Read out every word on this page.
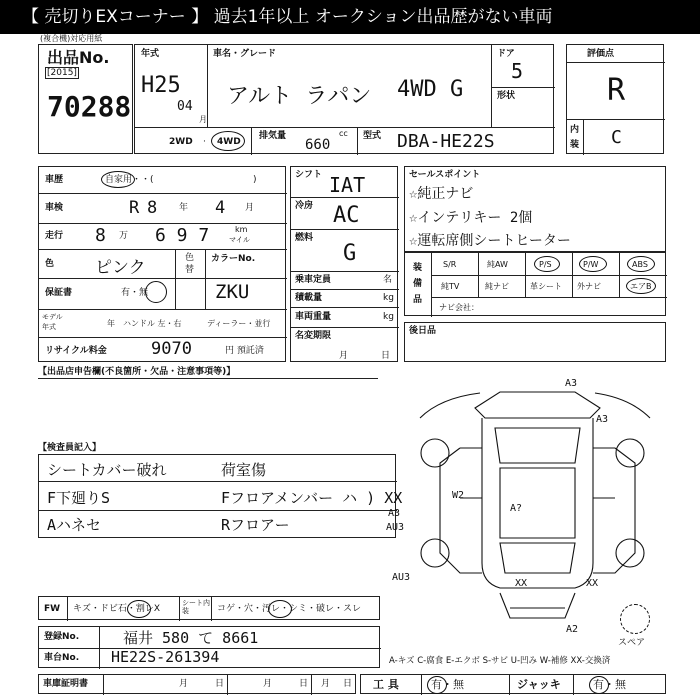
【 売切りEXコーナー 】 過去1年以上 オークション出品歴がない車両
(複合機)対応用紙
出品No.
[2015]
70288
年式
H25
04
月
車名・グレード
アルト ラパン 4WD G
ドア
5
形状
2WD · 4WD
排気量
660
cc 型式 DBA-HE22S
評価点
R
内
装 C
車歴	自家用・・(	)
車検	R 8 年 4 月
走行 8 万 6 9 7	km
マイル
色 ピンク	色
替
カラーNo.
保証書	有・無	ZKU
モデル
年式	年 ハンドル 左・右	ディーラー・並行
リサイクル料金	9070	円 預託済
シフト IAT
冷房 AC
燃料
G
乗車定員	名
積載量	kg
車両重量	kg
名変期限
月	日
セールスポイント
☆純正ナビ
☆インテリキー 2個
☆運転席側シートヒーター
装
備
品
S/R	純AW	P/S	P/W	ABS
純TV	純ナビ	革シート 外ナビ	エアB
ナビ会社：
後日品
【出品店申告欄(不良箇所・欠品・注意事項等)】
【検査員記入】
シートカバー破れ
F下廻りS
Aハネセ
荷室傷
Fフロアメンバー ハ ) XX
Rフロアー
A3
W2
A?
A3
AU3
AU3
XX	XX
A2
A3
FW キズ・ドビ石・割レX
シート内装	コゲ・穴・汚レ・シミ・破レ・スレ
登録No.	福井 580 て 8661
車台No. HE22S-261394
スペア
A-キズ C-腐食 E-エクボ S-サビ U-凹み W-補修 XX-交換済
車庫証明書	月	日	月	日 月 日 工 具	有・無	ジャッキ	有・無
